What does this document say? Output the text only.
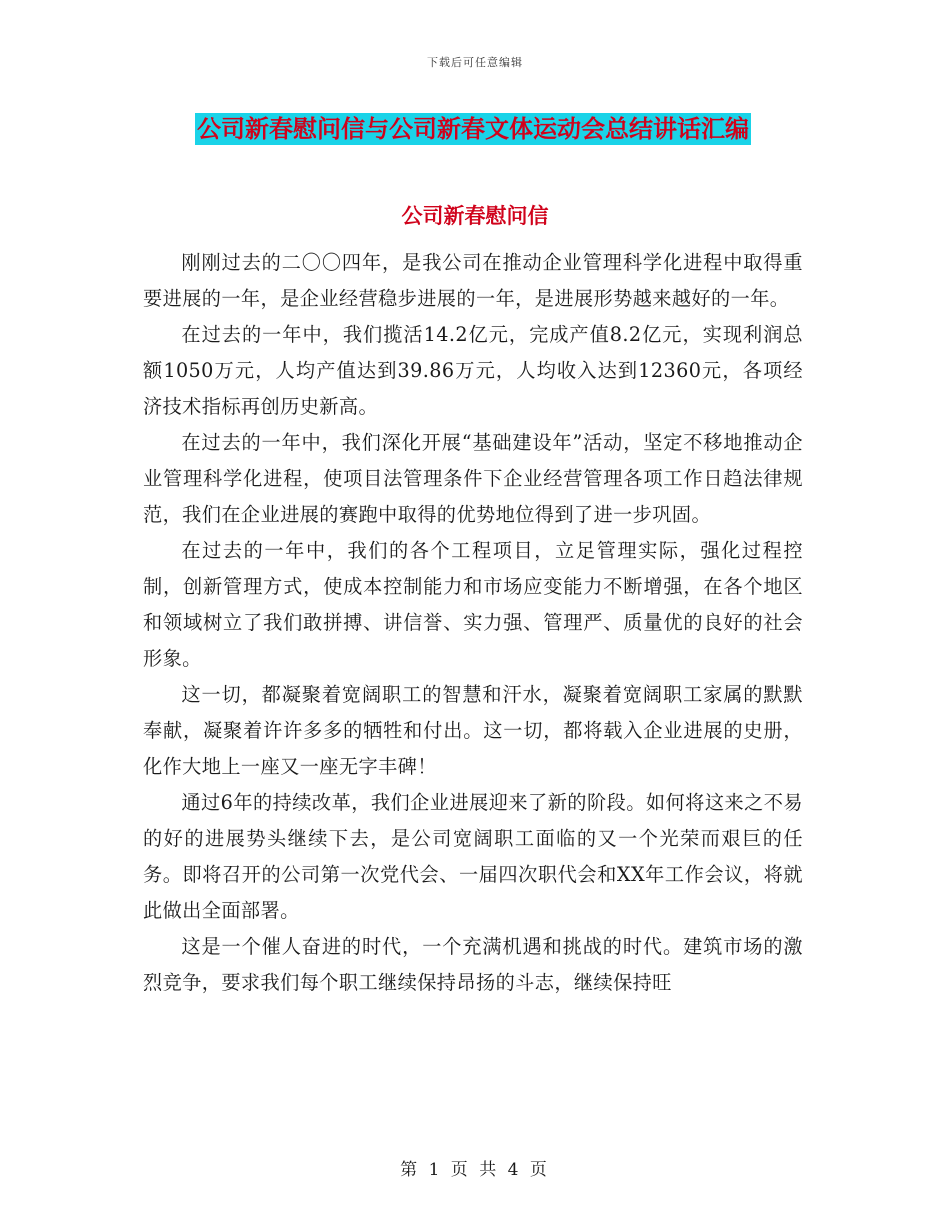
下载后可任意编辑
公司新春慰问信与公司新春文体运动会总结讲话汇编
公司新春慰问信

刚刚过去的二〇〇四年，是我公司在推动企业管理科学化进程中取得重要进展的一年，是企业经营稳步进展的一年，是进展形势越来越好的一年。

在过去的一年中，我们揽活14.2亿元，完成产值8.2亿元，实现利润总额1050万元，人均产值达到39.86万元，人均收入达到12360元，各项经济技术指标再创历史新高。

在过去的一年中，我们深化开展“基础建设年”活动，坚定不移地推动企业管理科学化进程，使项目法管理条件下企业经营管理各项工作日趋法律规范，我们在企业进展的赛跑中取得的优势地位得到了进一步巩固。

在过去的一年中，我们的各个工程项目，立足管理实际，强化过程控制，创新管理方式，使成本控制能力和市场应变能力不断增强，在各个地区和领域树立了我们敢拼搏、讲信誉、实力强、管理严、质量优的良好的社会形象。

这一切，都凝聚着宽阔职工的智慧和汗水，凝聚着宽阔职工家属的默默奉献，凝聚着许许多多的牺牲和付出。这一切，都将载入企业进展的史册，化作大地上一座又一座无字丰碑！

通过6年的持续改革，我们企业进展迎来了新的阶段。如何将这来之不易的好的进展势头继续下去，是公司宽阔职工面临的又一个光荣而艰巨的任务。即将召开的公司第一次党代会、一届四次职代会和XX年工作会议，将就此做出全面部署。

这是一个催人奋进的时代，一个充满机遇和挑战的时代。建筑市场的激烈竞争，要求我们每个职工继续保持昂扬的斗志，继续保持旺

第 1 页 共 4 页
